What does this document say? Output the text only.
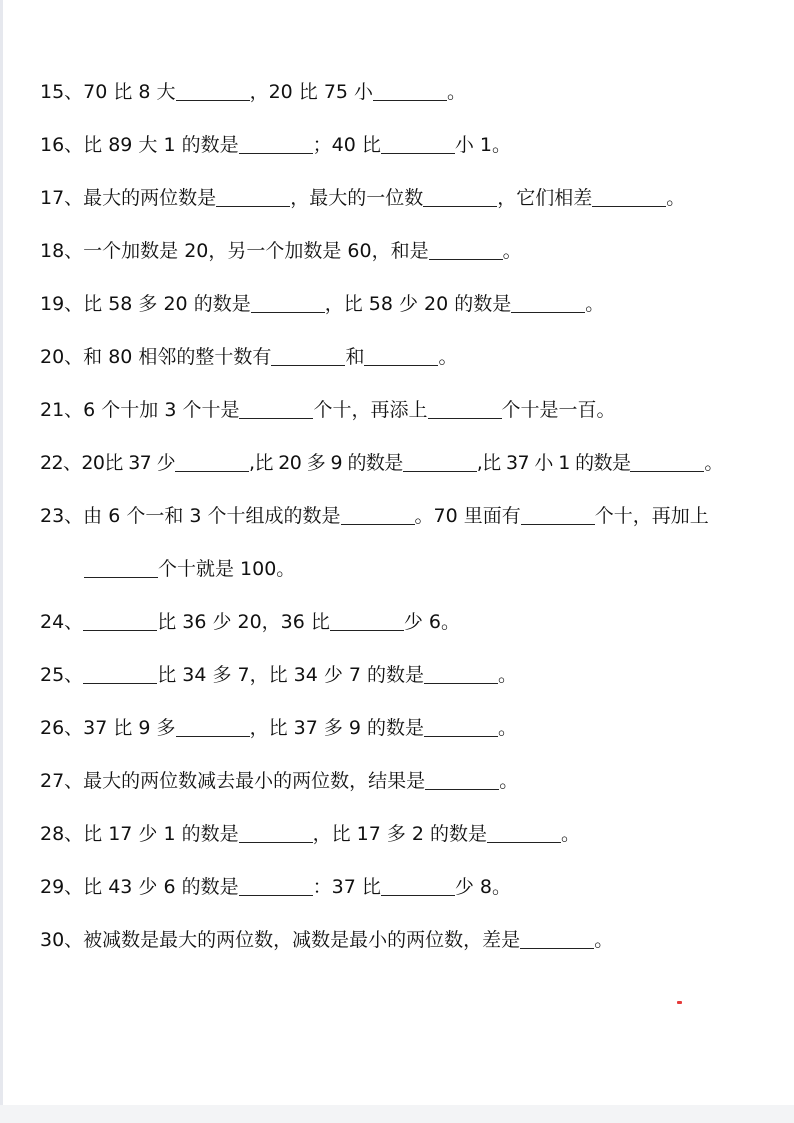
15、70 比 8 大	，20 比 75 小	。
16、比 89 大 1 的数是	；40 比	小 1。
17、最大的两位数是	，最大的一位数	，它们相差	。
18、一个加数是 20，另一个加数是 60，和是	。
19、比 58 多 20 的数是	，比 58 少 20 的数是	。
20、和 80 相邻的整十数有	和	。
21、6 个十加 3 个十是	个十，再添上	个十是一百。
22、20比 37 少	,比 20 多 9 的数是	,比 37 小 1 的数是	。
23、由 6 个一和 3 个十组成的数是	。70 里面有	个十，再加上
个十就是 100。
24、	比 36 少 20，36 比	少 6。
25、	比 34 多 7，比 34 少 7 的数是	。
26、37 比 9 多	，比 37 多 9 的数是	。
27、最大的两位数减去最小的两位数，结果是	。
28、比 17 少 1 的数是	，比 17 多 2 的数是	。
29、比 43 少 6 的数是	：37 比	少 8。
30、被减数是最大的两位数，减数是最小的两位数，差是	。
